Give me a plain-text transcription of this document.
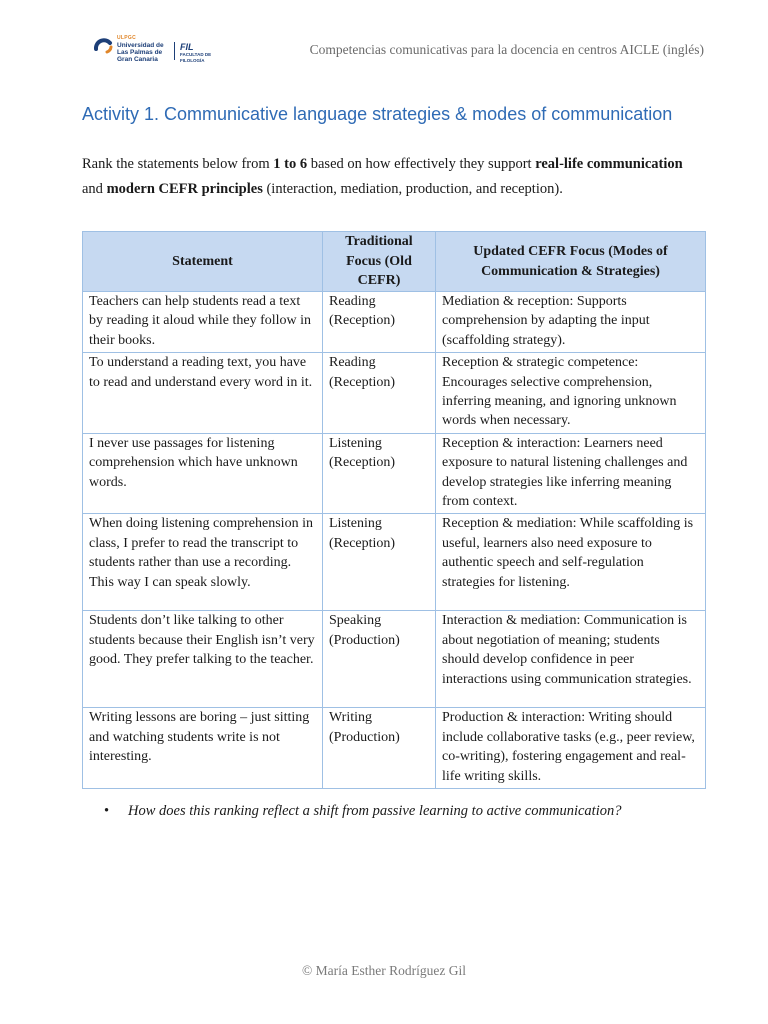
ULPGC
Universidad de
Las Palmas de
Gran Canaria
FIL
FACULTAD DE
FILOLOGÍA
Competencias comunicativas para la docencia en centros AICLE (inglés)
Activity 1. Communicative language strategies & modes of communication

Rank the statements below from 1 to 6 based on how effectively they support real-life communication and modern CEFR principles (interaction, mediation, production, and reception).

Statement	Traditional Focus (Old CEFR)	Updated CEFR Focus (Modes of Communication & Strategies)
Teachers can help students read a text by reading it aloud while they follow in their books.	Reading (Reception)	Mediation & reception: Supports comprehension by adapting the input (scaffolding strategy).
To understand a reading text, you have to read and understand every word in it.	Reading (Reception)	Reception & strategic competence: Encourages selective comprehension, inferring meaning, and ignoring unknown words when necessary.
I never use passages for listening comprehension which have unknown words.	Listening (Reception)	Reception & interaction: Learners need exposure to natural listening challenges and develop strategies like inferring meaning from context.
When doing listening comprehension in class, I prefer to read the transcript to students rather than use a recording. This way I can speak slowly.	Listening (Reception)	Reception & mediation: While scaffolding is useful, learners also need exposure to authentic speech and self-regulation strategies for listening.
Students don’t like talking to other students because their English isn’t very good. They prefer talking to the teacher.	Speaking (Production)	Interaction & mediation: Communication is about negotiation of meaning; students should develop confidence in peer interactions using communication strategies.
Writing lessons are boring – just sitting and watching students write is not interesting.	Writing (Production)	Production & interaction: Writing should include collaborative tasks (e.g., peer review, co-writing), fostering engagement and real-life writing skills.
• How does this ranking reflect a shift from passive learning to active communication?
© María Esther Rodríguez Gil
